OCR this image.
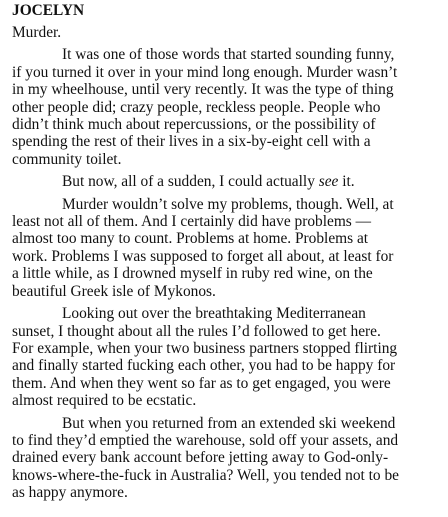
JOCELYN

Murder.

It was one of those words that started sounding funny,
if you turned it over in your mind long enough. Murder wasn’t
in my wheelhouse, until very recently. It was the type of thing
other people did; crazy people, reckless people. People who
didn’t think much about repercussions, or the possibility of
spending the rest of their lives in a six-by-eight cell with a
community toilet.

But now, all of a sudden, I could actually see it.

Murder wouldn’t solve my problems, though. Well, at
least not all of them. And I certainly did have problems —
almost too many to count. Problems at home. Problems at
work. Problems I was supposed to forget all about, at least for
a little while, as I drowned myself in ruby red wine, on the
beautiful Greek isle of Mykonos.

Looking out over the breathtaking Mediterranean
sunset, I thought about all the rules I’d followed to get here.
For example, when your two business partners stopped flirting
and finally started fucking each other, you had to be happy for
them. And when they went so far as to get engaged, you were
almost required to be ecstatic.

But when you returned from an extended ski weekend
to find they’d emptied the warehouse, sold off your assets, and
drained every bank account before jetting away to God-only-
knows-where-the-fuck in Australia? Well, you tended not to be
as happy anymore.
